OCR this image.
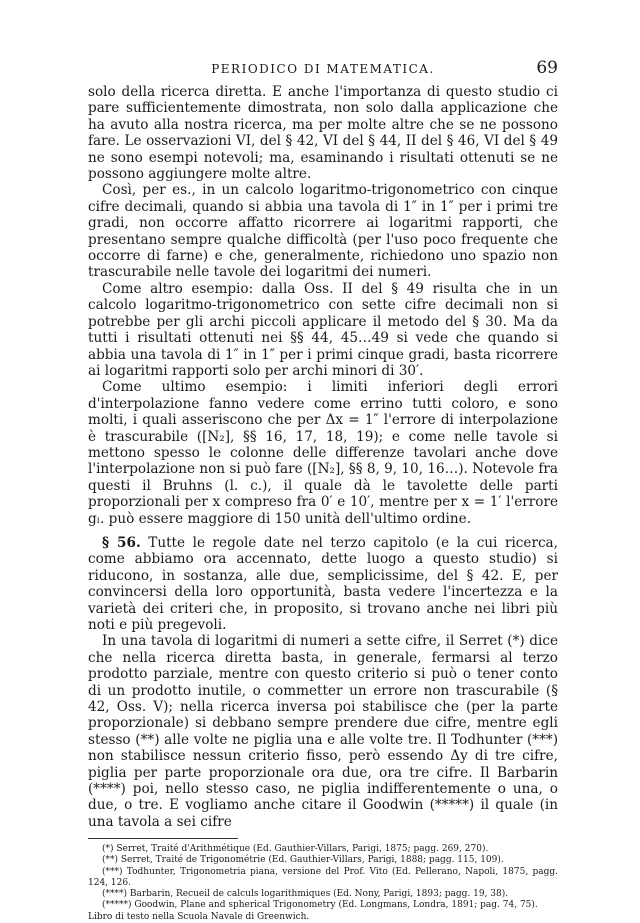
PERIODICO DI MATEMATICA.	69

solo della ricerca diretta. E anche l'importanza di questo studio ci pare sufficientemente dimostrata, non solo dalla applicazione che ha avuto alla nostra ricerca, ma per molte altre che se ne possono fare. Le osservazioni VI, del § 42, VI del § 44, II del § 46, VI del § 49 ne sono esempi notevoli; ma, esaminando i risultati ottenuti se ne possono aggiungere molte altre.

Così, per es., in un calcolo logaritmo-trigonometrico con cinque cifre decimali, quando si abbia una tavola di 1″ in 1″ per i primi tre gradi, non occorre affatto ricorrere ai logaritmi rapporti, che presentano sempre qualche difficoltà (per l'uso poco frequente che occorre di farne) e che, generalmente, richiedono uno spazio non trascurabile nelle tavole dei logaritmi dei numeri.

Come altro esempio: dalla Oss. II del § 49 risulta che in un calcolo logaritmo-trigonometrico con sette cifre decimali non si potrebbe per gli archi piccoli applicare il metodo del § 30. Ma da tutti i risultati ottenuti nei §§ 44, 45…49 si vede che quando si abbia una tavola di 1″ in 1″ per i primi cinque gradi, basta ricorrere ai logaritmi rapporti solo per archi minori di 30′.

Come ultimo esempio: i limiti inferiori degli errori d'interpolazione fanno vedere come errino tutti coloro, e sono molti, i quali asseriscono che per Δx = 1″ l'errore di interpolazione è trascurabile ([N₂], §§ 16, 17, 18, 19); e come nelle tavole si mettono spesso le colonne delle differenze tavolari anche dove l'interpolazione non si può fare ([N₂], §§ 8, 9, 10, 16…). Notevole fra questi il Bruhns (l. c.), il quale dà le tavolette delle parti proporzionali per x compreso fra 0′ e 10′, mentre per x = 1′ l'errore gₗ. può essere maggiore di 150 unità dell'ultimo ordine.

§ 56. Tutte le regole date nel terzo capitolo (e la cui ricerca, come abbiamo ora accennato, dette luogo a questo studio) si riducono, in sostanza, alle due, semplicissime, del § 42. E, per convincersi della loro opportunità, basta vedere l'incertezza e la varietà dei criteri che, in proposito, si trovano anche nei libri più noti e più pregevoli.

In una tavola di logaritmi di numeri a sette cifre, il Serret (*) dice che nella ricerca diretta basta, in generale, fermarsi al terzo prodotto parziale, mentre con questo criterio si può o tener conto di un prodotto inutile, o commetter un errore non trascurabile (§ 42, Oss. V); nella ricerca inversa poi stabilisce che (per la parte proporzionale) si debbano sempre prendere due cifre, mentre egli stesso (**) alle volte ne piglia una e alle volte tre. Il Todhunter (***) non stabilisce nessun criterio fisso, però essendo Δy di tre cifre, piglia per parte proporzionale ora due, ora tre cifre. Il Barbarin (****) poi, nello stesso caso, ne piglia indifferentemente o una, o due, o tre. E vogliamo anche citare il Goodwin (*****) il quale (in una tavola a sei cifre

(*) Serret, Traité d'Arithmétique (Ed. Gauthier-Villars, Parigi, 1875; pagg. 269, 270).

(**) Serret, Traité de Trigonométrie (Ed. Gauthier-Villars, Parigi, 1888; pagg. 115, 109).

(***) Todhunter, Trigonometria piana, versione del Prof. Vito (Ed. Pellerano, Napoli, 1875, pagg. 124, 126.

(****) Barbarin, Recueil de calculs logarithmiques (Ed. Nony, Parigi, 1893; pagg. 19, 38).

(*****) Goodwin, Plane and spherical Trigonometry (Ed. Longmans, Londra, 1891; pag. 74, 75).

Libro di testo nella Scuola Navale di Greenwich.
